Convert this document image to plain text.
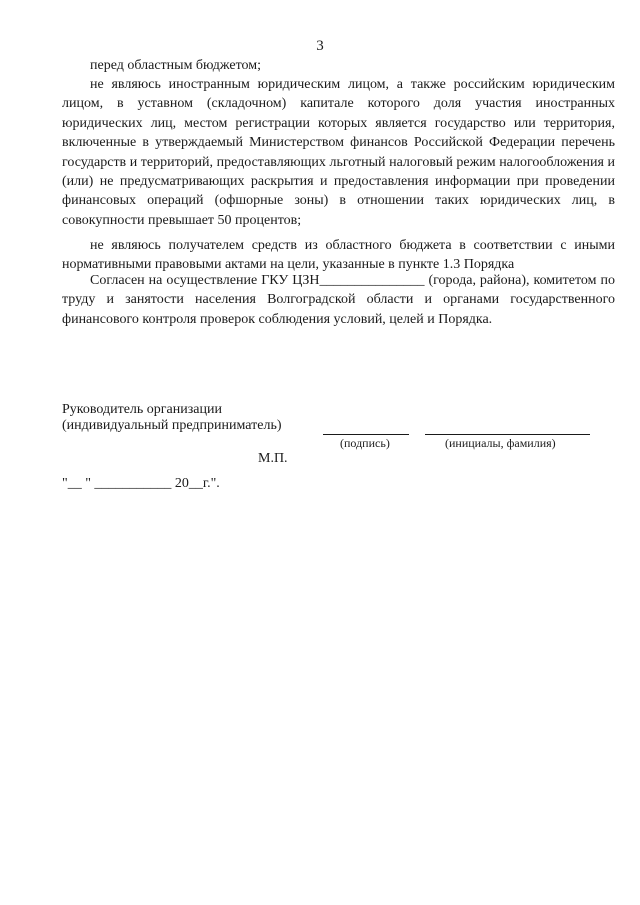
3

перед областным бюджетом;

не являюсь иностранным юридическим лицом, а также российским юридическим лицом, в уставном (складочном) капитале которого доля участия иностранных юридических лиц, местом регистрации которых является государство или территория, включенные в утверждаемый Министерством финансов Российской Федерации перечень государств и территорий, предоставляющих льготный налоговый режим налогообложения и (или) не предусматривающих раскрытия и предоставления информации при проведении финансовых операций (офшорные зоны) в отношении таких юридических лиц, в совокупности превышает 50 процентов;

не являюсь получателем средств из областного бюджета в соответствии с иными нормативными правовыми актами на цели, указанные в пункте 1.3 Порядка

Согласен на осуществление ГКУ ЦЗН_______________ (города, района), комитетом по труду и занятости населения Волгоградской области и органами государственного финансового контроля проверок соблюдения условий, целей и Порядка.

Руководитель организации
(индивидуальный предприниматель)
(подпись)	(инициалы, фамилия)
М.П.
"__ " ___________ 20__г.".
